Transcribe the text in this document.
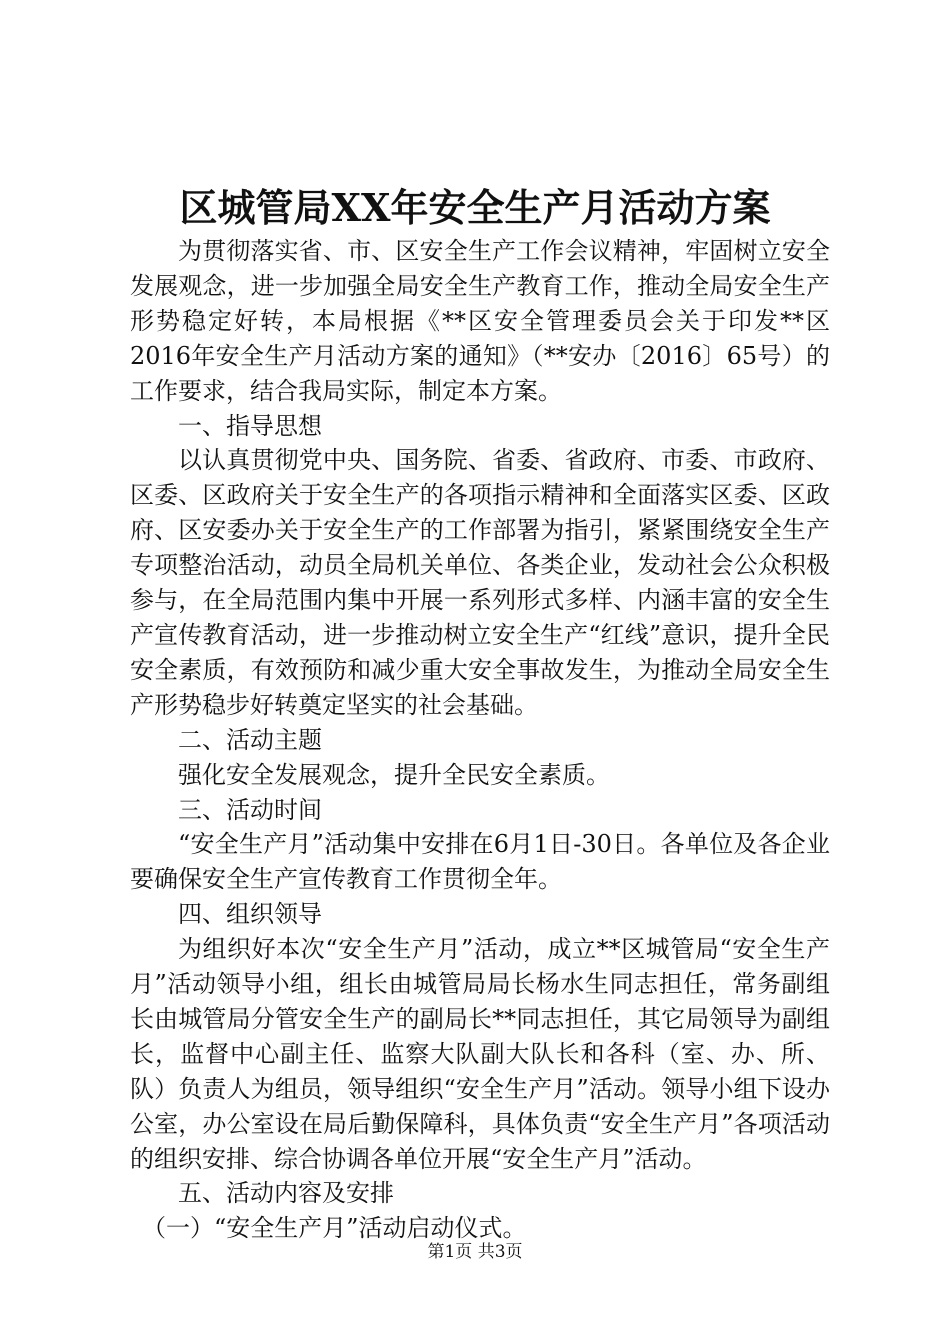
区城管局XX年安全生产月活动方案

为贯彻落实省、市、区安全生产工作会议精神，牢固树立安全发展观念，进一步加强全局安全生产教育工作，推动全局安全生产形势稳定好转，本局根据《**区安全管理委员会关于印发**区2016年安全生产月活动方案的通知》（**安办〔2016〕65号）的工作要求，结合我局实际，制定本方案。

一、指导思想

以认真贯彻党中央、国务院、省委、省政府、市委、市政府、区委、区政府关于安全生产的各项指示精神和全面落实区委、区政府、区安委办关于安全生产的工作部署为指引，紧紧围绕安全生产专项整治活动，动员全局机关单位、各类企业，发动社会公众积极参与，在全局范围内集中开展一系列形式多样、内涵丰富的安全生产宣传教育活动，进一步推动树立安全生产“红线”意识，提升全民安全素质，有效预防和减少重大安全事故发生，为推动全局安全生产形势稳步好转奠定坚实的社会基础。

二、活动主题

强化安全发展观念，提升全民安全素质。

三、活动时间

“安全生产月”活动集中安排在6月1日-30日。各单位及各企业要确保安全生产宣传教育工作贯彻全年。

四、组织领导

为组织好本次“安全生产月”活动，成立**区城管局“安全生产月”活动领导小组，组长由城管局局长杨水生同志担任，常务副组长由城管局分管安全生产的副局长**同志担任，其它局领导为副组长，监督中心副主任、监察大队副大队长和各科（室、办、所、队）负责人为组员，领导组织“安全生产月”活动。领导小组下设办公室，办公室设在局后勤保障科，具体负责“安全生产月”各项活动的组织安排、综合协调各单位开展“安全生产月”活动。

五、活动内容及安排

（一）“安全生产月”活动启动仪式。

第1页 共3页
